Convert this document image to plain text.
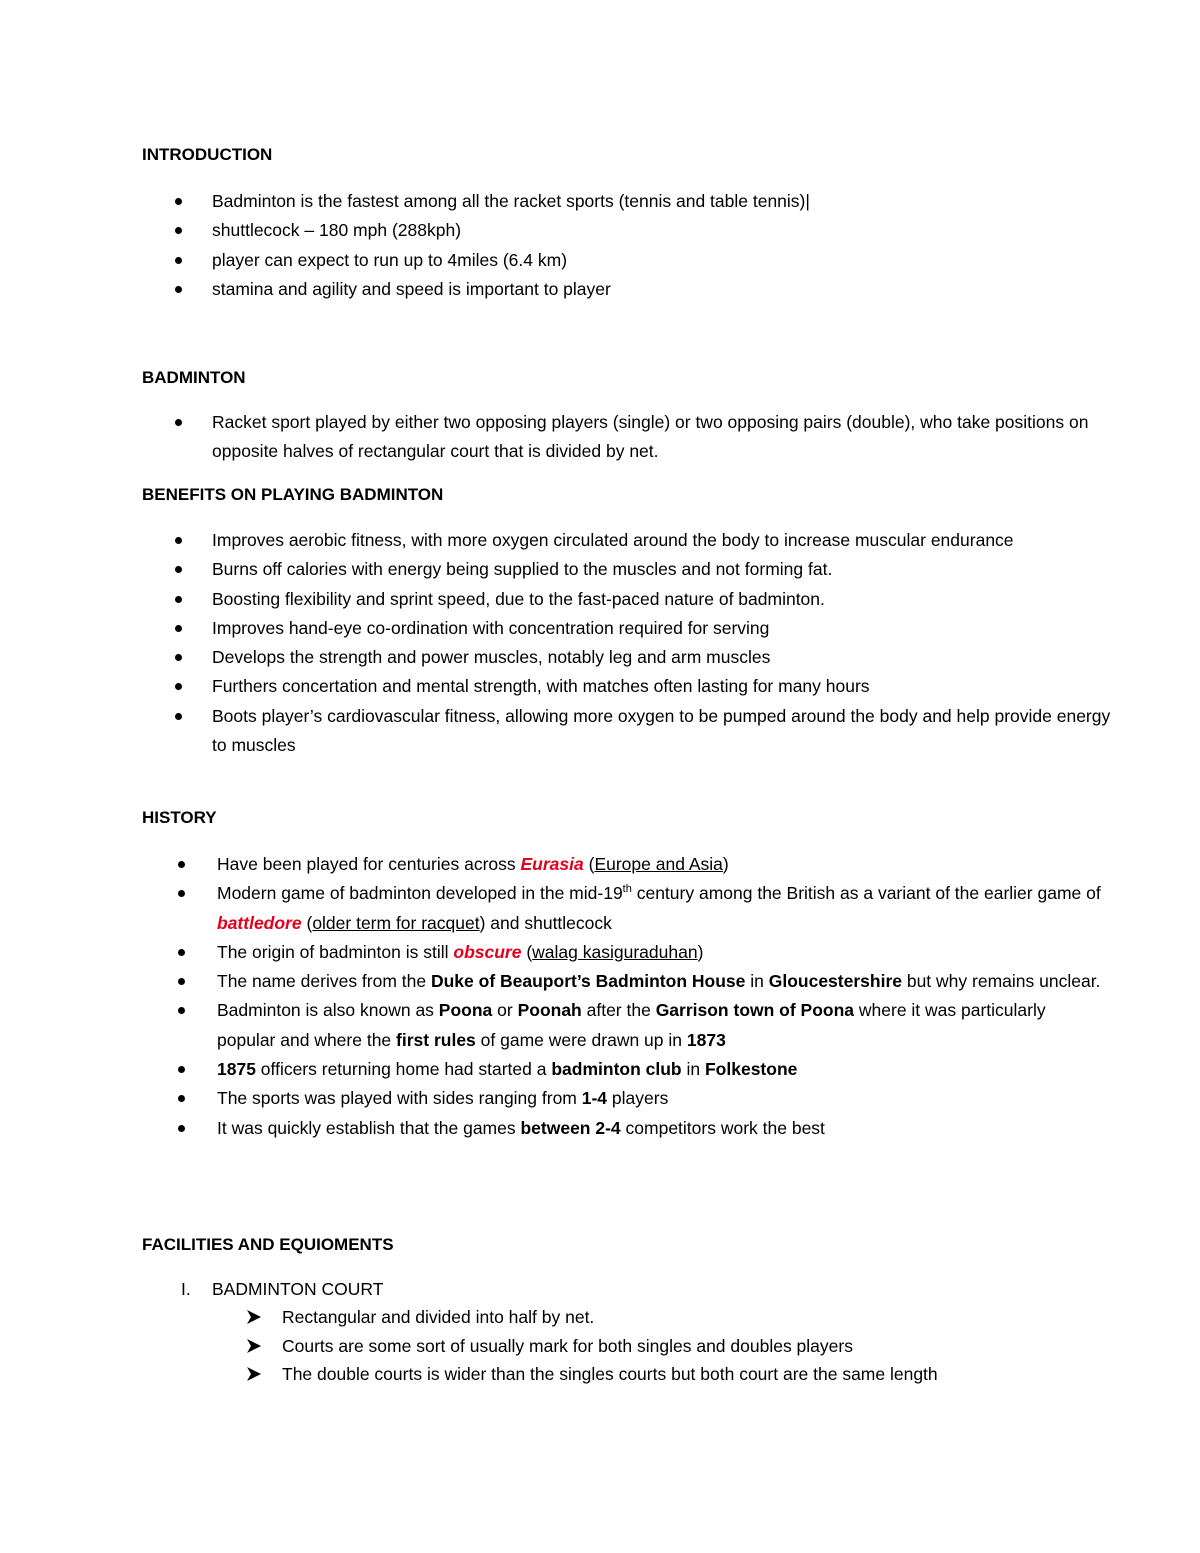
INTRODUCTION
Badminton is the fastest among all the racket sports (tennis and table tennis)|
shuttlecock – 180 mph (288kph)
player can expect to run up to 4miles (6.4 km)
stamina and agility and speed is important to player
BADMINTON
Racket sport played by either two opposing players (single) or two opposing pairs (double), who take positions on opposite halves of rectangular court that is divided by net.
BENEFITS ON PLAYING BADMINTON
Improves aerobic fitness, with more oxygen circulated around the body to increase muscular endurance
Burns off calories with energy being supplied to the muscles and not forming fat.
Boosting flexibility and sprint speed, due to the fast-paced nature of badminton.
Improves hand-eye co-ordination with concentration required for serving
Develops the strength and power muscles, notably leg and arm muscles
Furthers concertation and mental strength, with matches often lasting for many hours
Boots player’s cardiovascular fitness, allowing more oxygen to be pumped around the body and help provide energy to muscles
HISTORY
Have been played for centuries across Eurasia (Europe and Asia)
Modern game of badminton developed in the mid-19th century among the British as a variant of the earlier game of battledore (older term for racquet) and shuttlecock
The origin of badminton is still obscure (walag kasiguraduhan)
The name derives from the Duke of Beauport’s Badminton House in Gloucestershire but why remains unclear.
Badminton is also known as Poona or Poonah after the Garrison town of Poona where it was particularly popular and where the first rules of game were drawn up in 1873
1875 officers returning home had started a badminton club in Folkestone
The sports was played with sides ranging from 1-4 players
It was quickly establish that the games between 2-4 competitors work the best
FACILITIES AND EQUIOMENTS
I. BADMINTON COURT
Rectangular and divided into half by net.
Courts are some sort of usually mark for both singles and doubles players
The double courts is wider than the singles courts but both court are the same length
